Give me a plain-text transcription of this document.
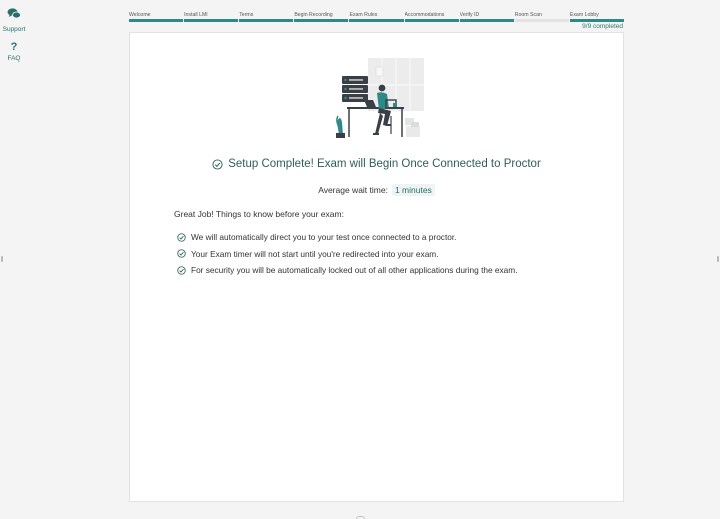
Support
?
FAQ
Welcome	Install LMI	Terms	Begin Recording	Exam Rules	Accommodations	Verify ID	Room Scan	Exam Lobby
9/9 completed
Setup Complete! Exam will Begin Once Connected to Proctor
Average wait time: 1 minutes
Great Job! Things to know before your exam:
We will automatically direct you to your test once connected to a proctor.
Your Exam timer will not start until you're redirected into your exam.
For security you will be automatically locked out of all other applications during the exam.
